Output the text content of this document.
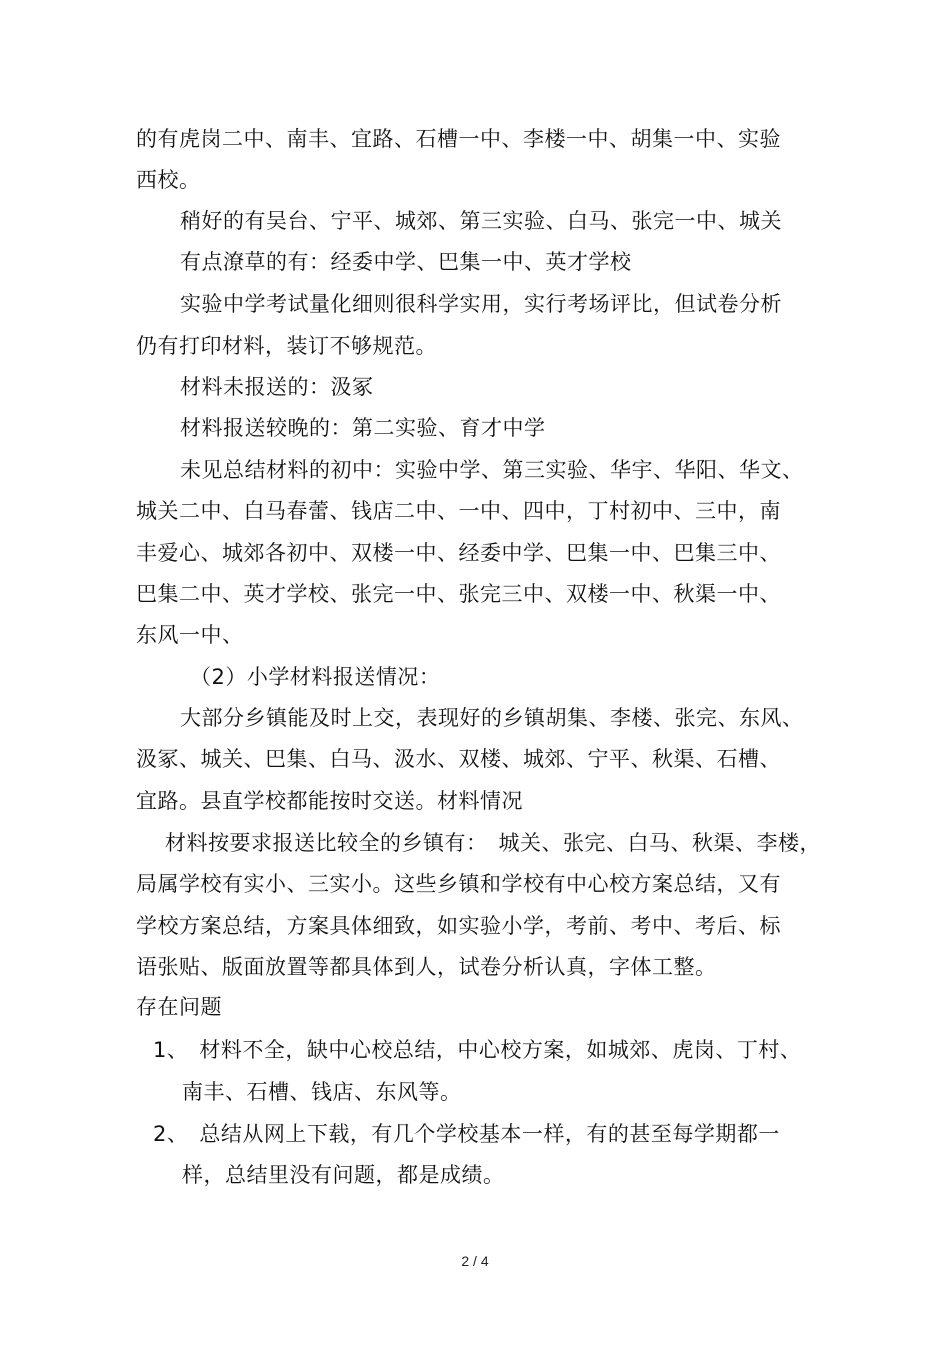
的有虎岗二中、南丰、宜路、石槽一中、李楼一中、胡集一中、实验
西校。
稍好的有吴台、宁平、城郊、第三实验、白马、张完一中、城关
有点潦草的有：经委中学、巴集一中、英才学校
实验中学考试量化细则很科学实用，实行考场评比，但试卷分析
仍有打印材料，装订不够规范。
材料未报送的：汲冢
材料报送较晚的：第二实验、育才中学
未见总结材料的初中：实验中学、第三实验、华宇、华阳、华文、
城关二中、白马春蕾、钱店二中、一中、四中，丁村初中、三中，南
丰爱心、城郊各初中、双楼一中、经委中学、巴集一中、巴集三中、
巴集二中、英才学校、张完一中、张完三中、双楼一中、秋渠一中、
东风一中、
（2）小学材料报送情况：
大部分乡镇能及时上交，表现好的乡镇胡集、李楼、张完、东风、
汲冢、城关、巴集、白马、汲水、双楼、城郊、宁平、秋渠、石槽、
宜路。县直学校都能按时交送。材料情况
材料按要求报送比较全的乡镇有：　城关、张完、白马、秋渠、李楼，
局属学校有实小、三实小。这些乡镇和学校有中心校方案总结，又有
学校方案总结，方案具体细致，如实验小学，考前、考中、考后、标
语张贴、版面放置等都具体到人，试卷分析认真，字体工整。
存在问题
1、　材料不全，缺中心校总结，中心校方案，如城郊、虎岗、丁村、
南丰、石槽、钱店、东风等。
2、　总结从网上下载，有几个学校基本一样，有的甚至每学期都一
样，总结里没有问题，都是成绩。
2 / 4
